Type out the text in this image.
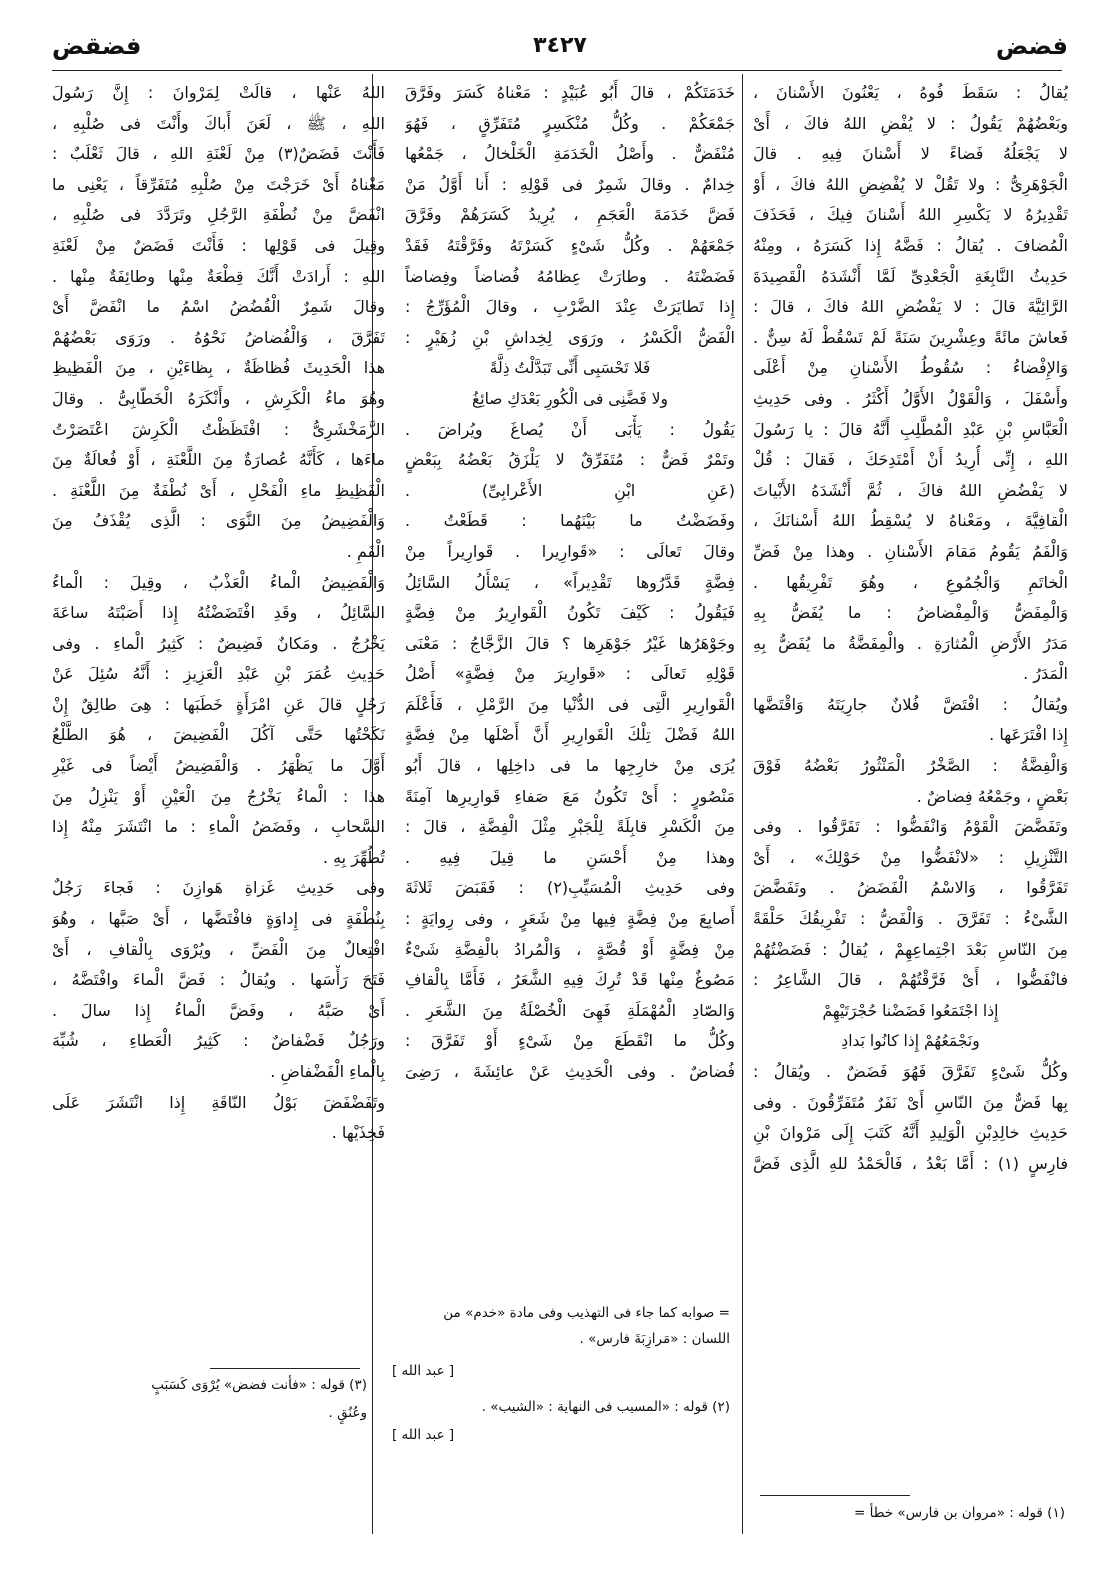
فضض
٣٤٢٧
فضقض
يُقالُ : سَقَطَ فُوهُ ، يَعْنُونَ الأَسْنانَ ،
وبَعْضُهُمْ يَقُولُ : لا يُفْضِ اللهُ فاكَ ، أَىْ
لا يَجْعَلُهُ فَضاءً لا أَسْنانَ فِيهِ . قالَ
الْجَوْهَرِىُّ : ولا تَقُلْ لا يُفْضِضِ اللهُ فاكَ ، أَوْ
تَقْدِيرُهُ لا يَكْسِرِ اللهُ أَسْنانَ فِيكَ ، فَحَذَفَ
الْمُضافَ . يُقالُ : فَضَّهُ إِذا كَسَرَهُ ، ومِنْهُ
حَدِيثُ النَّابِغَةِ الْجَعْدِىِّ لَمَّا أَنْشَدَهُ الْقَصِيدَةَ
الرَّائِيَّةَ قالَ : لا يَفْضُضِ اللهُ فاكَ ، قالَ :
فَعاشَ مائَةً وعِشْرِينَ سَنَةً لَمْ تَسْقُطْ لَهُ سِنٌّ .
وَالإِفْضاءُ : سُقُوطُ الأَسْنانِ مِنْ أَعْلَى
وأَسْفَلَ ، وَالْقَوْلُ الأَوَّلُ أَكْثَرُ . وفى حَدِيثِ
الْعَبَّاسِ بْنِ عَبْدِ الْمُطَّلِبِ أَنَّهُ قالَ : يا رَسُولَ
اللهِ ، إِنِّى أُرِيدُ أَنْ أَمْتَدِحَكَ ، فَقالَ : قُلْ
لا يَفْضُضِ اللهُ فاكَ ، ثُمَّ أَنْشَدَهُ الأَبْياتَ
الْقافِيَّةَ ، ومَعْناهُ لا يُسْقِطُ اللهُ أَسْنانَكَ ،
وَالْفَمُ يَقُومُ مَقامَ الأَسْنانِ . وهذا مِنْ فَضِّ
الْخاتَمِ وَالْجُمُوعِ ، وهُوَ تَفْرِيقُها .
وَالْمِفَضُّ وَالْمِفْضاضُ : ما يُفَضُّ بِهِ
مَدَرُ الأَرْضِ الْمُثارَةِ . والْمِفَضَّةُ ما يُفَضُّ بِهِ
الْمَدَرُ .
ويُقالُ : افْتَضَّ فُلانٌ جارِيَتَهُ وَاقْتَضَّها
إِذا افْتَرَعَها .
وَالْفِضَّةُ : الصَّخْرُ الْمَنْثُورُ بَعْضُهُ فَوْقَ
بَعْضٍ ، وجَمْعُهُ فِضاضٌ .
وتَفَضَّضَ الْقَوْمُ وَانْفَضُّوا : تَفَرَّقُوا . وفى
التَّنْزِيلِ : «لانْفَضُّوا مِنْ حَوْلِكَ» ، أَىْ
تَفَرَّقُوا ، وَالاسْمُ الْفَضَضُ . وتَفَضَّضَ
الشَّىْءُ : تَفَرَّقَ . وَالْفَضُّ : تَفْرِيقُكَ حَلْقَةً
مِنَ النّاسِ بَعْدَ اجْتِماعِهِمْ ، يُقالُ : فَضَضْتُهُمْ
فانْفَضُّوا ، أَىْ فَرَّقْتُهُمْ ، قالَ الشَّاعِرُ :
إِذا اجْتَمَعُوا فَضَضْنا حُجْرَتَيْهِمْ
ونَجْمَعُهُمْ إِذا كانُوا بَدادِ
وكُلُّ شَىْءٍ تَفَرَّقَ فَهُوَ فَضَضٌ . ويُقالُ :
بِها فَضٌّ مِنَ النّاسِ أَىْ نَفَرٌ مُتَفَرِّقُونَ . وفى
حَدِيثِ خالِدِبْنِ الْوَلِيدِ أَنَّهُ كَتَبَ إِلَى مَرْوانَ بْنِ
فارِسٍ (١) : أَمَّا بَعْدُ ، فَالْحَمْدُ للهِ الَّذِى فَضَّ
خَدَمَتَكُمْ ، قالَ أَبُو عُبَيْدٍ : مَعْناهُ كَسَرَ وفَرَّقَ
جَمْعَكُمْ . وكُلُّ مُنْكَسِرٍ مُتَفَرِّقٍ ، فَهُوَ
مُنْفَضٌّ . وأَصْلُ الْخَدَمَةِ الْخَلْخالُ ، جَمْعُها
خِدامٌ . وقالَ شَمِرٌ فى قَوْلِهِ : أَنا أَوَّلُ مَنْ
فَضَّ خَدَمَةَ الْعَجَمِ ، يُرِيدُ كَسَرَهُمْ وفَرَّقَ
جَمْعَهُمْ . وكُلُّ شَىْءٍ كَسَرْتَهُ وفَرَّقْتَهُ فَقَدْ
فَضَضْتَهُ . وطارَتْ عِظامُهُ فُضاضاً وفِضاضاً
إِذا تَطايَرَتْ عِنْدَ الضَّرْبِ ، وقالَ الْمُؤَرِّجُ :
الْفَضُّ الْكَسْرُ ، ورَوَى لِخِداشِ بْنِ زُهَيْرٍ :
فَلا تَحْسَبِى أَنِّى تَبَدَّلْتُ ذِلَّةً
ولا فَضَّنِى فى الْكُورِ بَعْدَكِ صائِغُ
يَقُولُ : يَأْبَى أَنْ يُصاغَ ويُراضَ .
وتَمْرٌ فَضٌّ : مُتَفَرِّقٌ لا يَلْزَقُ بَعْضُهُ بِبَعْضٍ
(عَنِ ابْنِ الأَعْرابِىِّ) .
وفَضَضْتُ ما بَيْنَهُما : قَطَعْتُ .
وقالَ تَعالَى : «قَوارِيرا . قَوارِيراً مِنْ
فِضَّةٍ قَدَّرُوها تَقْدِيراً» ، يَسْأَلُ السَّائِلُ
فَيَقُولُ : كَيْفَ تَكُونُ الْقَوارِيرُ مِنْ فِضَّةٍ
وجَوْهَرُها غَيْرُ جَوْهَرِها ؟ قالَ الزَّجَّاجُ : مَعْنَى
قَوْلِهِ تَعالَى : «قَوارِيرَ مِنْ فِضَّةٍ» أَصْلُ
الْقَوارِيرِ الَّتِى فى الدُّنْيا مِنَ الرَّمْلِ ، فَأَعْلَمَ
اللهُ فَضْلَ تِلْكَ الْقَوارِيرِ أَنَّ أَصْلَها مِنْ فِضَّةٍ
يُرَى مِنْ خارِجِها ما فى داخِلِها ، قالَ أَبُو
مَنْصُورٍ : أَىْ تَكُونُ مَعَ صَفاءِ قَوارِيرِها آمِنَةً
مِنَ الْكَسْرِ قابِلَةً لِلْجَبْرِ مِثْلَ الْفِضَّةِ ، قالَ :
وهذا مِنْ أَحْسَنِ ما قِيلَ فِيهِ .
وفى حَدِيثِ الْمُسَيِّبِ(٢) : فَقَبَضَ ثَلاثَةَ
أَصابِعَ مِنْ فِضَّةٍ فِيها مِنْ شَعَرٍ ، وفى رِوايَةٍ :
مِنْ فِضَّةٍ أَوْ قُصَّةٍ ، وَالْمُرادُ بالْفِضَّةِ شَىْءٌ
مَصُوغٌ مِنْها قَدْ تُرِكَ فِيهِ الشَّعَرُ ، فَأَمَّا بِالْقافِ
وَالصّادِ الْمُهْمَلَةِ فَهِىَ الْخُصْلَةُ مِنَ الشَّعَرِ .
وكُلُّ ما انْقَطَعَ مِنْ شَىْءٍ أَوْ تَفَرَّقَ :
فُضاضٌ . وفى الْحَدِيثِ عَنْ عائِشَةَ ، رَضِىَ
اللهُ عَنْها ، قالَتْ لِمَرْوانَ : إِنَّ رَسُولَ
اللهِ ، ﷺ ، لَعَنَ أَباكَ وأَنْتَ فى صُلْبِهِ ،
فَأَنْتَ فَضَضٌ(٣) مِنْ لَعْنَةِ اللهِ ، قالَ ثَعْلَبٌ :
مَعْناهُ أَىْ خَرَجْتَ مِنْ صُلْبِهِ مُتَفَرِّقاً ، يَعْنِى ما
انْفَضَّ مِنْ نُطْفَةِ الرَّجُلِ وتَرَدَّدَ فى صُلْبِهِ ،
وقِيلَ فى قَوْلِها : فَأَنْتَ فَضَضٌ مِنْ لَعْنَةِ
اللهِ : أَرادَتْ أَنَّكَ قِطْعَةٌ مِنْها وطائِفَةٌ مِنْها .
وقالَ شَمِرٌ الْفُضُضُ اسْمُ ما انْفَضَّ أَىْ
تَفَرَّقَ ، وَالْفُضاضُ نَحْوُهُ . ورَوَى بَعْضُهُمْ
هذا الْحَدِيثَ فُظاظَةٌ ، بِظاءَيْنِ ، مِنَ الْفَظِيظِ
وهُوَ ماءُ الْكَرِشِ ، وأَنْكَرَهُ الْخَطّابِىُّ . وقالَ
الزَّمَخْشَرِىُّ : افْتَظَظْتُ الْكَرِشَ اعْتَصَرْتُ
ماءَها ، كَأَنَّهُ عُصارَةٌ مِنَ اللَّعْنَةِ ، أَوْ فُعالَةٌ مِنَ
الْفَظِيظِ ماءِ الْفَحْلِ ، أَىْ نُطْفَةٌ مِنَ اللَّعْنَةِ .
وَالْفَضِيضُ مِنَ النَّوَى : الَّذِى يُقْذَفُ مِنَ
الْفَمِ .
وَالْفَضِيضُ الْماءُ الْعَذْبُ ، وقِيلَ : الْماءُ
السَّائِلُ ، وقَدِ افْتَضَضْتُهُ إِذا أَصَبْتَهُ ساعَةَ
يَخْرُجُ . ومَكانٌ فَضِيضٌ : كَثِيرُ الْماءِ . وفى
حَدِيثِ عُمَرَ بْنِ عَبْدِ الْعَزِيزِ : أَنَّهُ سُئِلَ عَنْ
رَجُلٍ قالَ عَنِ امْرَأَةٍ خَطَبَها : هِىَ طالِقٌ إِنْ
نَكَحْتُها حَتَّى آكُلَ الْفَضِيضَ ، هُوَ الطَّلْعُ
أَوَّلَ ما يَظْهَرُ . وَالْفَضِيضُ أَيْضاً فى غَيْرِ
هذا : الْماءُ يَخْرُجُ مِنَ الْعَيْنِ أَوْ يَنْزِلُ مِنَ
السَّحابِ ، وفَضَضُ الْماءِ : ما انْتَشَرَ مِنْهُ إِذا
تُطُهِّرَ بِهِ .
وفى حَدِيثِ غَزاةِ هَوازِنَ : فَجاءَ رَجُلٌ
بِنُطْفَةٍ فى إِداوَةٍ فافْتَضَّها ، أَىْ صَبَّها ، وهُوَ
افْتِعالٌ مِنَ الْفَضِّ ، ويُرْوَى بِالْقافِ ، أَىْ
فَتَحَ رَأْسَها . ويُقالُ : فَضَّ الْماءَ وافْتَضَّهُ ،
أَىْ صَبَّهُ ، وفَضَّ الْماءُ إِذا سالَ .
ورَجُلٌ فَضْفاضٌ : كَثِيرُ الْعَطاءِ ، شُبِّهَ
بِالْماءِ الْفَضْفاضِ .
وتَفَضْفَضَ بَوْلُ النّاقَةِ إِذا انْتَشَرَ عَلَى
فَخِذَيْها .
(١) قوله : «مروان بن فارس» خطأ =
= صوابه كما جاء فى التهذيب وفى مادة «خدم» من
اللسان : «مَرازِبَةَ فارس» .
[ عبد الله ]
(٢) قوله : «المسيب فى النهاية : «الشيب» .
[ عبد الله ]
(٣) قوله : «فأنت فضض» يُرْوَى كَسَبَبٍ
وعُنُقٍ .
